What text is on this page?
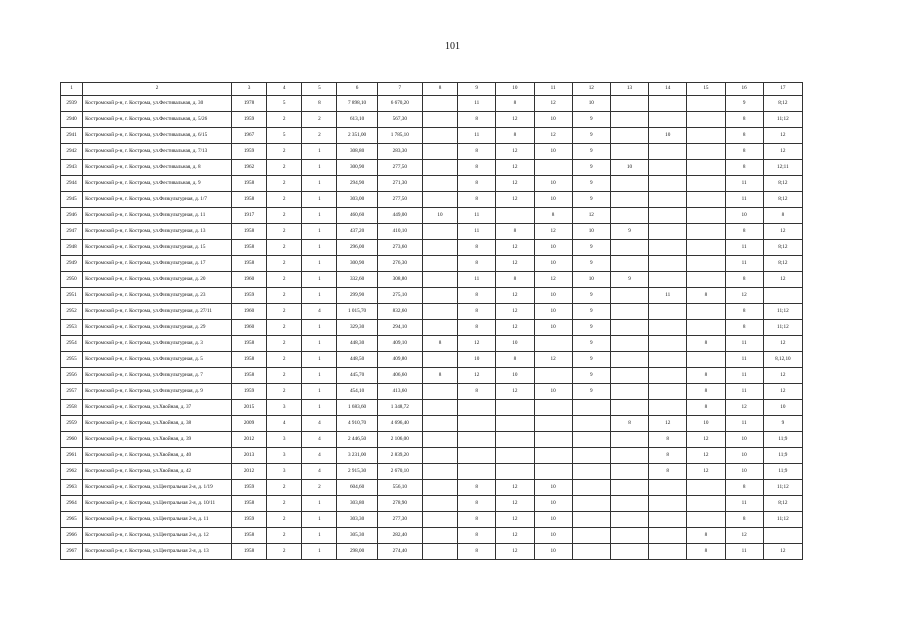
101
1	2	3	4	5	6	7	8	9	10	11	12	13	14	15	16	17
2939	Костромской р-н, г. Кострома, ул.Фестивальная, д. 30	1978	5	8	7 898,10	6 670,20		11	8	12	10				9	8;12
2940	Костромской р-н, г. Кострома, ул.Фестивальная, д. 5/26	1959	2	2	613,10	567,30		8	12	10	9				8	11;12
2941	Костромской р-н, г. Кострома, ул.Фестивальная, д. 6/15	1967	5	2	2 351,00	1 785,10		11	8	12	9		10		8	12
2942	Костромской р-н, г. Кострома, ул.Фестивальная, д. 7/13	1959	2	1	308,80	283,30		8	12	10	9				8	12
2943	Костромской р-н, г. Кострома, ул.Фестивальная, д. 8	1962	2	1	300,90	277,50		8	12		9	10			8	12;11
2944	Костромской р-н, г. Кострома, ул.Фестивальная, д. 9	1958	2	1	294,90	271,30		8	12	10	9				11	8;12
2945	Костромской р-н, г. Кострома, ул.Физкультурная, д. 1/7	1958	2	1	303,00	277,50		8	12	10	9				11	8;12
2946	Костромской р-н, г. Кострома, ул.Физкультурная, д. 11	1917	2	1	460,60	449,00	10	11		8	12				10	8
2947	Костромской р-н, г. Кострома, ул.Физкультурная, д. 13	1958	2	1	437,20	410,10		11	8	12	10	9			8	12
2948	Костромской р-н, г. Кострома, ул.Физкультурная, д. 15	1958	2	1	296,00	273,60		8	12	10	9				11	8;12
2949	Костромской р-н, г. Кострома, ул.Физкультурная, д. 17	1958	2	1	300,90	276,30		8	12	10	9				11	8;12
2950	Костромской р-н, г. Кострома, ул.Физкультурная, д. 20	1960	2	1	332,60	308,80		11	8	12	10	9			8	12
2951	Костромской р-н, г. Кострома, ул.Физкультурная, д. 23	1959	2	1	299,90	275,10		8	12	10	9		11	8	12	
2952	Костромской р-н, г. Кострома, ул.Физкультурная, д. 27/11	1960	2	4	1 015,70	832,60		8	12	10	9				8	11;12
2953	Костромской р-н, г. Кострома, ул.Физкультурная, д. 29	1960	2	1	329,30	294,10		8	12	10	9				8	11;12
2954	Костромской р-н, г. Кострома, ул.Физкультурная, д. 3	1958	2	1	448,30	409,10	8	12	10		9			8	11	12
2955	Костромской р-н, г. Кострома, ул.Физкультурная, д. 5	1958	2	1	448,50	409,80		10	8	12	9				11	8,12,10
2956	Костромской р-н, г. Кострома, ул.Физкультурная, д. 7	1958	2	1	445,70	406,60	8	12	10		9			8	11	12
2957	Костромской р-н, г. Кострома, ул.Физкультурная, д. 9	1959	2	1	454,10	413,60		8	12	10	9			8	11	12
2958	Костромской р-н, г. Кострома, ул.Хвойная, д. 37	2015	3	1	1 683,60	1 348,72								8	12	10
2959	Костромской р-н, г. Кострома, ул.Хвойная, д. 38	2009	4	4	4 910,70	4 696,40						8	12	10	11	9
2960	Костромской р-н, г. Кострома, ул.Хвойная, д. 39	2012	3	4	2 446,50	2 106,00							8	12	10	11;9
2961	Костромской р-н, г. Кострома, ул.Хвойная, д. 40	2013	3	4	3 231,00	2 839,20							8	12	10	11;9
2962	Костромской р-н, г. Кострома, ул.Хвойная, д. 42	2012	3	4	2 915,30	2 670,10							8	12	10	11;9
2963	Костромской р-н, г. Кострома, ул.Центральная 2-я, д. 1/19	1959	2	2	604,60	556,10		8	12	10					8	11;12
2964	Костромской р-н, г. Кострома, ул.Центральная 2-я, д. 10/11	1958	2	1	303,80	278,90		8	12	10					11	8;12
2965	Костромской р-н, г. Кострома, ул.Центральная 2-я, д. 11	1959	2	1	303,30	277,30		8	12	10					8	11;12
2966	Костромской р-н, г. Кострома, ул.Центральная 2-я, д. 12	1958	2	1	305,30	282,40		8	12	10				8	12	
2967	Костромской р-н, г. Кострома, ул.Центральная 2-я, д. 13	1958	2	1	298,00	274,40		8	12	10				8	11	12
